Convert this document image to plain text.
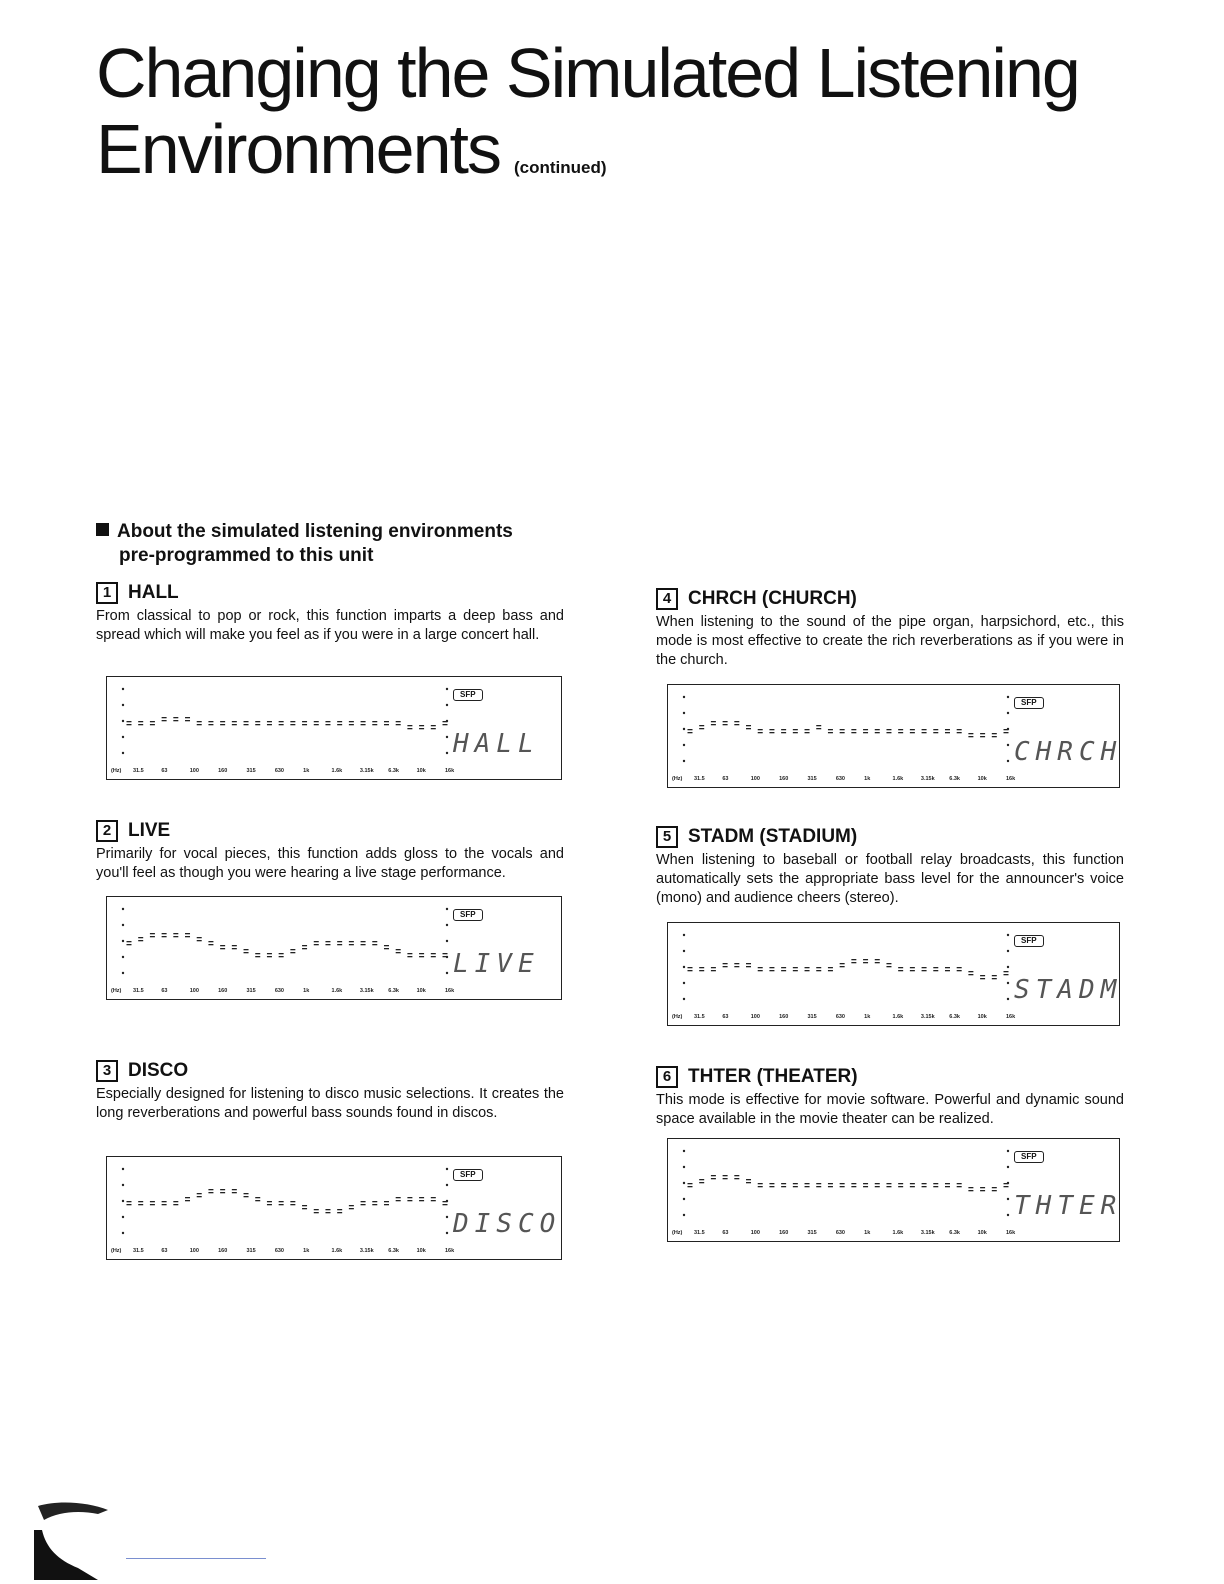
Changing the Simulated Listening
Environments (continued)
About the simulated listening environments
pre-programmed to this unit
1 HALL

From classical to pop or rock, this function imparts a deep bass and spread which will make you feel as if you were in a large concert hall.

2 LIVE

Primarily for vocal pieces, this function adds gloss to the vocals and you'll feel as though you were hearing a live stage performance.

3 DISCO

Especially designed for listening to disco music selections. It creates the long reverberations and powerful bass sounds found in discos.

4 CHRCH (CHURCH)

When listening to the sound of the pipe organ, harpsichord, etc., this mode is most effective to create the rich reverberations as if you were in the church.

5 STADM (STADIUM)

When listening to baseball or football relay broadcasts, this function automatically sets the appropriate bass level for the announcer's voice (mono) and audience cheers (stereo).

6 THTER (THEATER)

This mode is effective for movie software. Powerful and dynamic sound space available in the movie theater can be realized.

(Hz) 31.5	63	100	160	315	630	1k	1.6k	3.15k	6.3k	10k	16k
SFP
HALL
(Hz) 31.5	63	100	160	315	630	1k	1.6k	3.15k	6.3k	10k	16k
SFP
LIVE
(Hz) 31.5	63	100	160	315	630	1k	1.6k	3.15k	6.3k	10k	16k
SFP
DISCO
(Hz) 31.5	63	100	160	315	630	1k	1.6k	3.15k	6.3k	10k	16k
SFP
CHRCH
(Hz) 31.5	63	100	160	315	630	1k	1.6k	3.15k	6.3k	10k	16k
SFP
STADM
(Hz) 31.5	63	100	160	315	630	1k	1.6k	3.15k	6.3k	10k	16k
SFP
THTER
